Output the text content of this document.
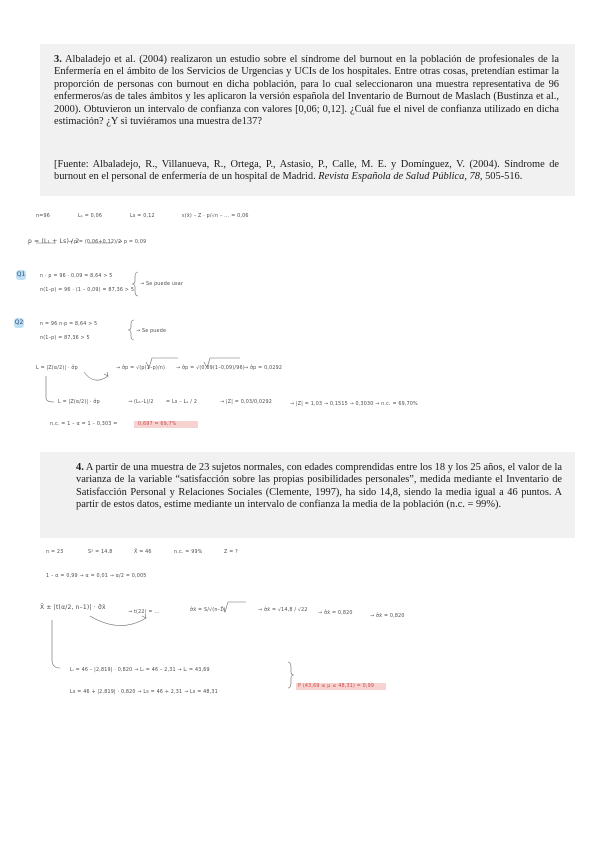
3. Albaladejo et al. (2004) realizaron un estudio sobre el síndrome del burnout en la población de profesionales de la Enfermería en el ámbito de los Servicios de Urgencias y UCIs de los hospitales. Entre otras cosas, pretendían estimar la proporción de personas con burnout en dicha población, para lo cual seleccionaron una muestra representativa de 96 enfermeros/as de tales ámbitos y les aplicaron la versión española del Inventario de Burnout de Maslach (Bustinza et al., 2000). Obtuvieron un intervalo de confianza con valores [0,06; 0,12]. ¿Cuál fue el nivel de confianza utilizado en dicha estimación? ¿Y si tuviéramos una muestra de137?
[Fuente: Albaladejo, R., Villanueva, R., Ortega, P., Astasio, P., Calle, M. E. y Domínguez, V. (2004). Síndrome de burnout en el personal de enfermería de un hospital de Madrid. Revista Española de Salud Pública, 78, 505-516.
n=96	L₁ = 0,06	Ls = 0,12	ε(x̄) – Z · p/√n – ... = 0,06
p = (L₁ + Ls) / 2
→ p = (0,06+0,12)/2
→ p = 0,09
Q1	n · p = 96 · 0,09 = 8,64 > 5
n(1–p) = 96 · (1 – 0,09) = 87,36 > 5
→ Se puede usar
Q2	n = 96 n·p = 8,64 > 5
n(1–p) = 87,36 > 5
→ Se puede
L = |Z(α/2)| · σ̂p	→ σ̂p = √(p(1–p)/n) → σ̂p = √(0,09(1–0,09)/96) → σ̂p = 0,0292
L = |Z(α/2)| · σ̂p	→ (L₁–L)/2	= Ls – L₁ / 2	→ |Z| = 0,03/0,0292	→ |Z| = 1,03 → 0,1515 → 0,3030 → n.c. = 69,70%
n.c. = 1 – α = 1 – 0,303 =	0,697 = 69,7%
4. A partir de una muestra de 23 sujetos normales, con edades comprendidas entre los 18 y los 25 años, el valor de la varianza de la variable “satisfacción sobre las propias posibilidades personales”, medida mediante el Inventario de Satisfacción Personal y Relaciones Sociales (Clemente, 1997), ha sido 14,8, siendo la media igual a 46 puntos. A partir de estos datos, estime mediante un intervalo de confianza la media de la población (n.c. = 99%).
n = 23	S² = 14,8	X̄ = 46	n.c. = 99%	Z = ?
1 – α = 0,99 → α = 0,01 → α/2 = 0,005
X̄ ± |t(α/2, n–1)| · σ̂x̄
→ t(22) = ...	σ̂x̄ = S/√(n–1)	→ σ̂x̄ = √14,8 / √22
→ σ̂x̄ = 0,820
→ σ̂x̄ = 0,820
Lᵢ = 46 – |2,819| · 0,820 → Lᵢ = 46 – 2,31 → Lᵢ = 43,69
Ls = 46 + |2,819| · 0,820 → Ls = 46 + 2,31 → Ls = 48,31
P (43,69 ≤ μ ≤ 48,31) = 0,99
